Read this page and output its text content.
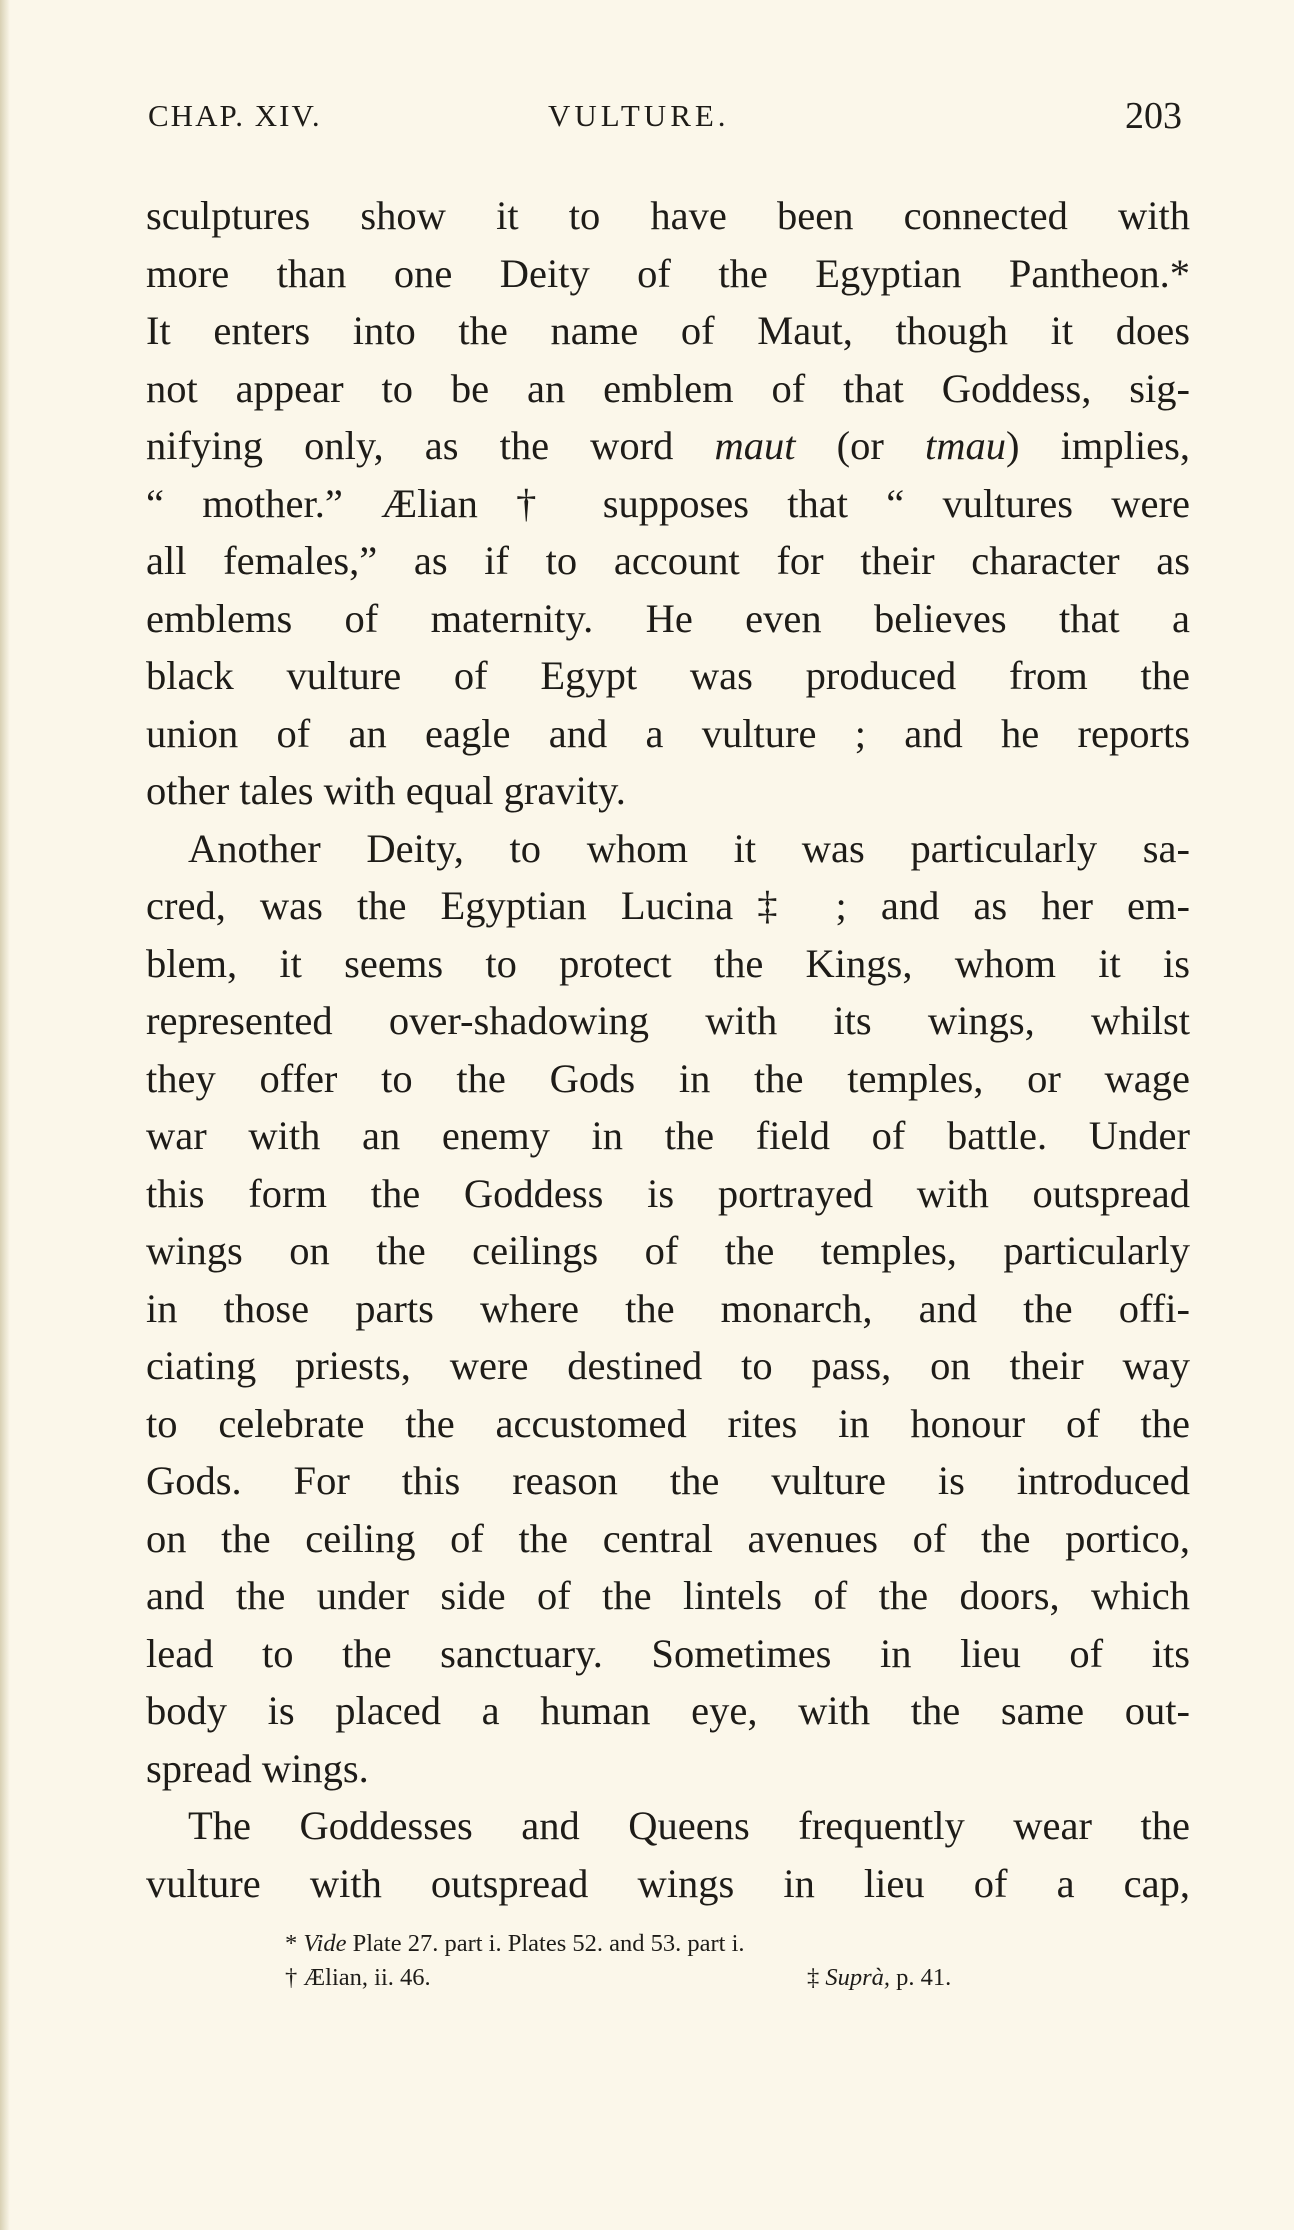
CHAP. XIV.	VULTURE.	203
sculptures show it to have been connected with
more than one Deity of the Egyptian Pantheon.*
It enters into the name of Maut, though it does
not appear to be an emblem of that Goddess, sig-
nifying only, as the word maut (or tmau) implies,
“ mother.” Ælian † supposes that “ vultures were
all females,” as if to account for their character as
emblems of maternity. He even believes that a
black vulture of Egypt was produced from the
union of an eagle and a vulture ; and he reports
other tales with equal gravity.
Another Deity, to whom it was particularly sa-
cred, was the Egyptian Lucina‡ ; and as her em-
blem, it seems to protect the Kings, whom it is
represented over-shadowing with its wings, whilst
they offer to the Gods in the temples, or wage
war with an enemy in the field of battle. Under
this form the Goddess is portrayed with outspread
wings on the ceilings of the temples, particularly
in those parts where the monarch, and the offi-
ciating priests, were destined to pass, on their way
to celebrate the accustomed rites in honour of the
Gods. For this reason the vulture is introduced
on the ceiling of the central avenues of the portico,
and the under side of the lintels of the doors, which
lead to the sanctuary. Sometimes in lieu of its
body is placed a human eye, with the same out-
spread wings.
The Goddesses and Queens frequently wear the
vulture with outspread wings in lieu of a cap,
* Vide Plate 27. part i. Plates 52. and 53. part i.
† Ælian, ii. 46.	‡ Suprà, p. 41.
